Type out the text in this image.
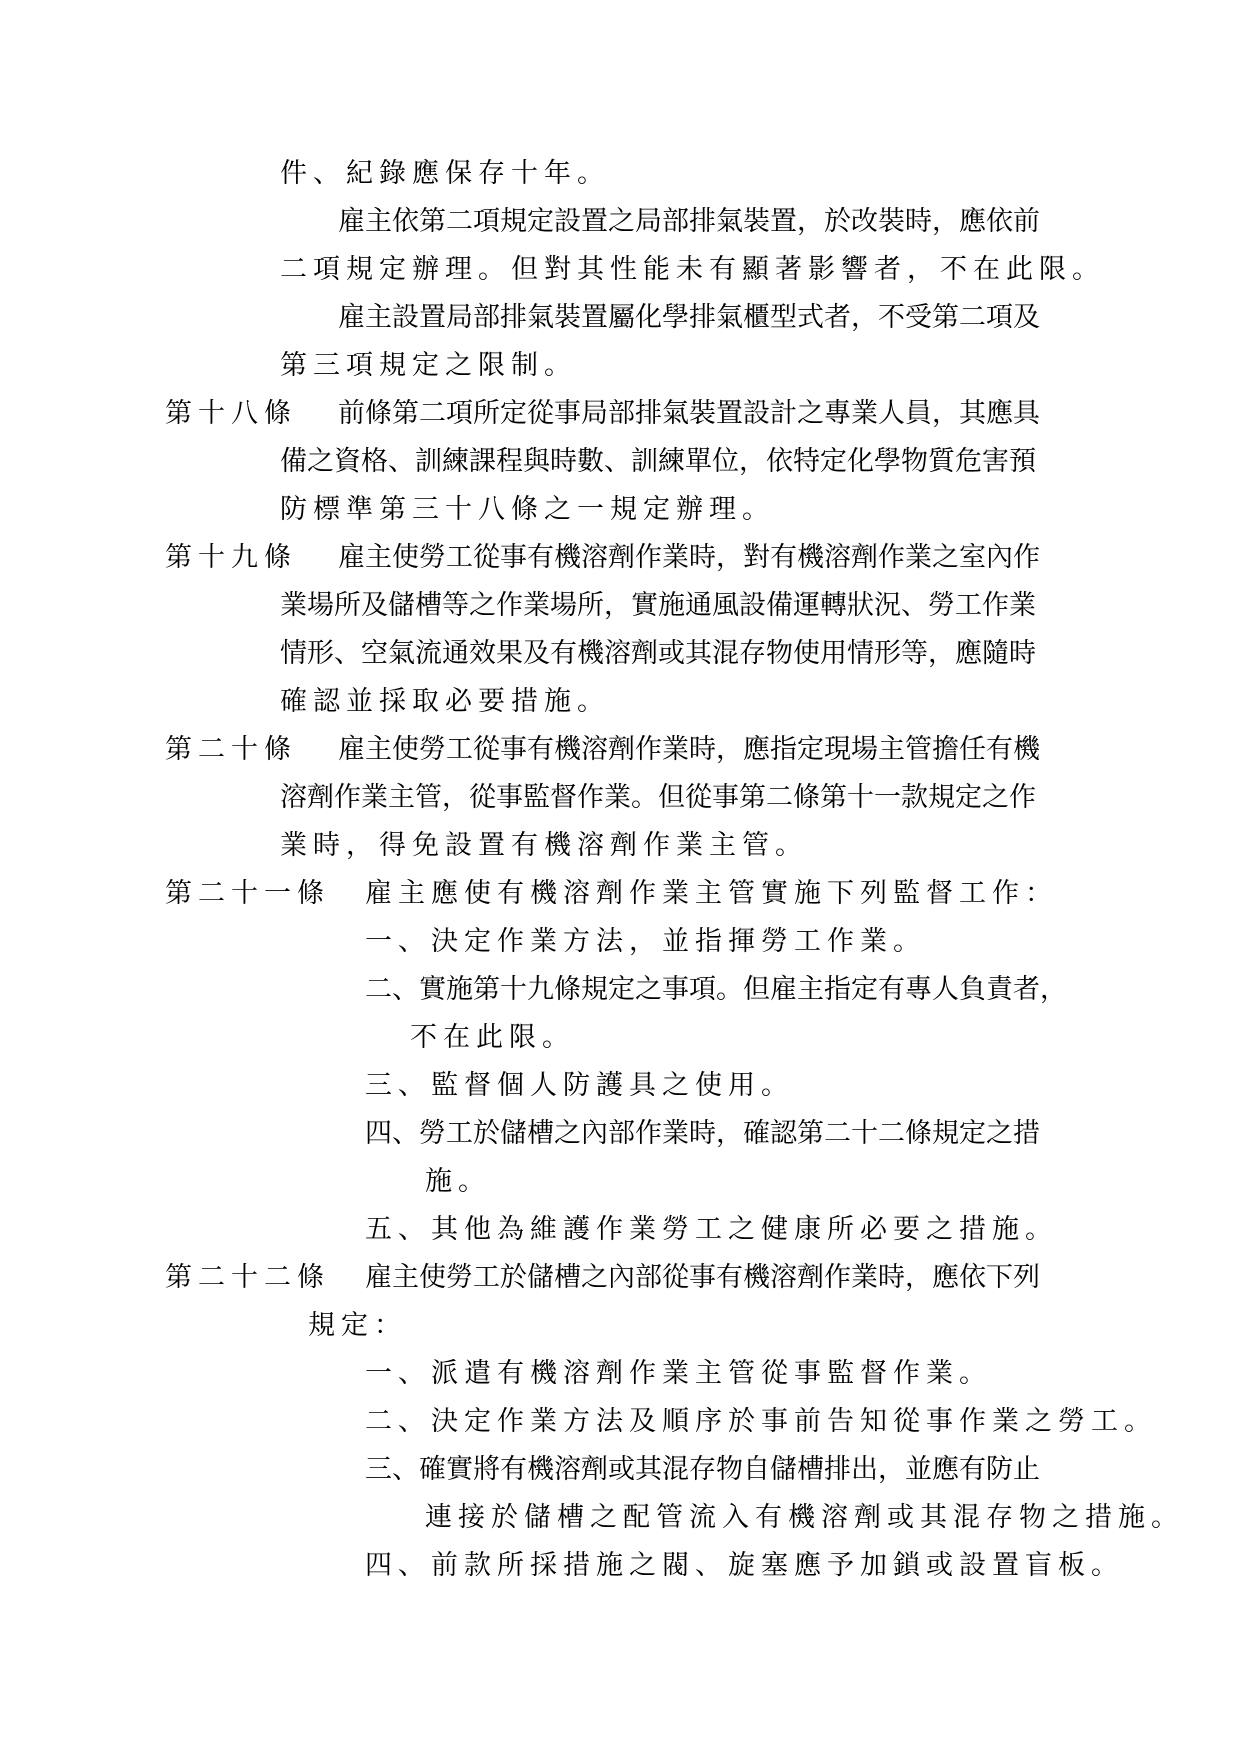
件、紀錄應保存十年。
雇主依第二項規定設置之局部排氣裝置，於改裝時，應依前
二項規定辦理。但對其性能未有顯著影響者，不在此限。
雇主設置局部排氣裝置屬化學排氣櫃型式者，不受第二項及
第三項規定之限制。
第十八條 前條第二項所定從事局部排氣裝置設計之專業人員，其應具
備之資格、訓練課程與時數、訓練單位，依特定化學物質危害預
防標準第三十八條之一規定辦理。
第十九條 雇主使勞工從事有機溶劑作業時，對有機溶劑作業之室內作
業場所及儲槽等之作業場所，實施通風設備運轉狀況、勞工作業
情形、空氣流通效果及有機溶劑或其混存物使用情形等，應隨時
確認並採取必要措施。
第二十條 雇主使勞工從事有機溶劑作業時，應指定現場主管擔任有機
溶劑作業主管，從事監督作業。但從事第二條第十一款規定之作
業時，得免設置有機溶劑作業主管。
第二十一條 雇主應使有機溶劑作業主管實施下列監督工作：
一、決定作業方法，並指揮勞工作業。
二、實施第十九條規定之事項。但雇主指定有專人負責者，
不在此限。
三、監督個人防護具之使用。
四、勞工於儲槽之內部作業時，確認第二十二條規定之措
施。
五、其他為維護作業勞工之健康所必要之措施。
第二十二條 雇主使勞工於儲槽之內部從事有機溶劑作業時，應依下列
規定：
一、派遣有機溶劑作業主管從事監督作業。
二、決定作業方法及順序於事前告知從事作業之勞工。
三、確實將有機溶劑或其混存物自儲槽排出，並應有防止
連接於儲槽之配管流入有機溶劑或其混存物之措施。
四、前款所採措施之閥、旋塞應予加鎖或設置盲板。
